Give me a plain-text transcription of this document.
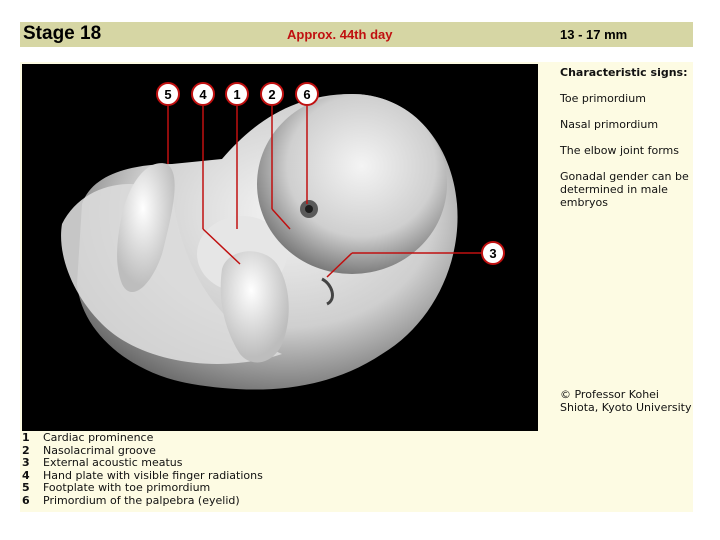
Stage 18	Approx. 44th day	13 - 17 mm
5 4 1 2 6
3
Characteristic signs:
Toe primordium
Nasal primordium
The elbow joint forms
Gonadal gender can be determined in male embryos
© Professor Kohei Shiota, Kyoto University
1	Cardiac prominence
2	Nasolacrimal groove
3	External acoustic meatus
4	Hand plate with visible finger radiations
5	Footplate with toe primordium
6	Primordium of the palpebra (eyelid)
